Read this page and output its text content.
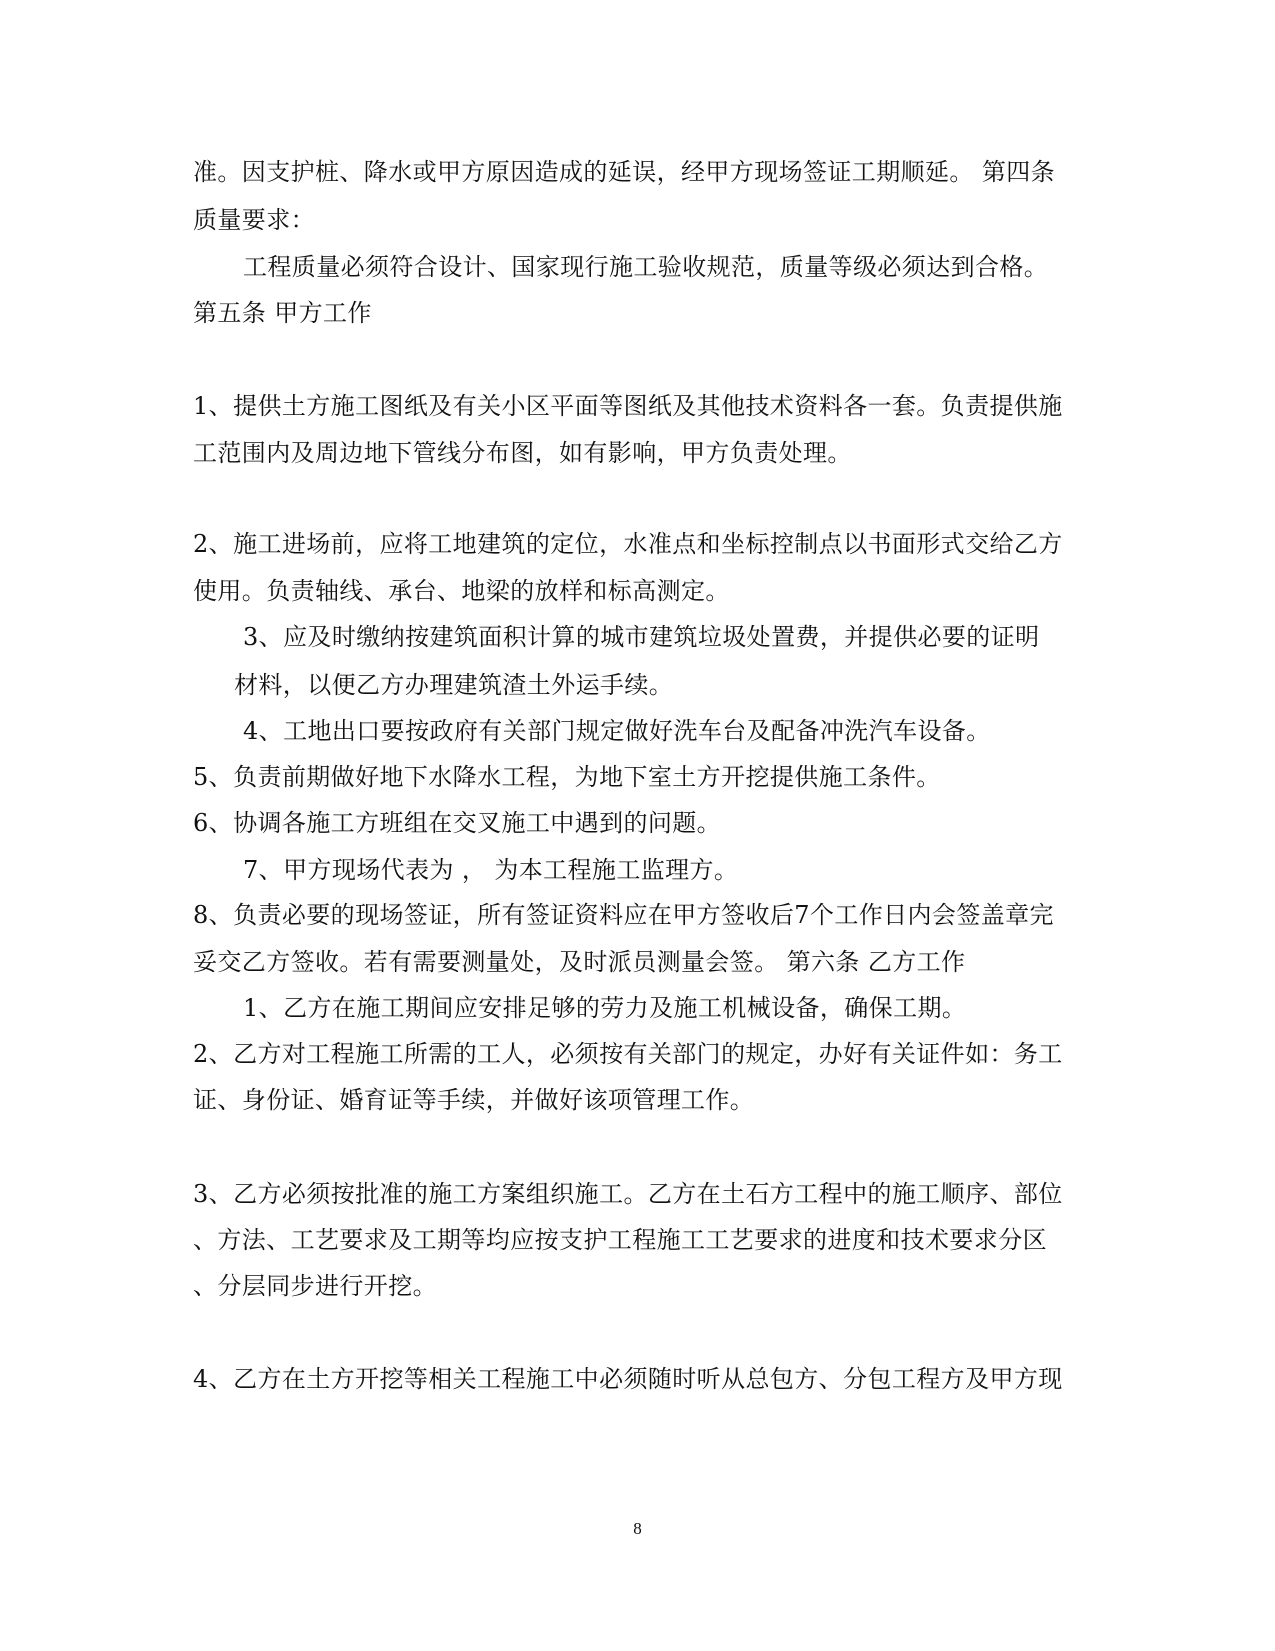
准。因支护桩、降水或甲方原因造成的延误，经甲方现场签证工期顺延。 第四条
质量要求：
工程质量必须符合设计、国家现行施工验收规范，质量等级必须达到合格。
第五条 甲方工作
1、提供土方施工图纸及有关小区平面等图纸及其他技术资料各一套。负责提供施
工范围内及周边地下管线分布图，如有影响，甲方负责处理。
2、施工进场前，应将工地建筑的定位，水准点和坐标控制点以书面形式交给乙方
使用。负责轴线、承台、地梁的放样和标高测定。
3、应及时缴纳按建筑面积计算的城市建筑垃圾处置费，并提供必要的证明
材料，以便乙方办理建筑渣土外运手续。
4、工地出口要按政府有关部门规定做好洗车台及配备冲洗汽车设备。
5、负责前期做好地下水降水工程，为地下室土方开挖提供施工条件。
6、协调各施工方班组在交叉施工中遇到的问题。
7、甲方现场代表为 ， 为本工程施工监理方。
8、负责必要的现场签证，所有签证资料应在甲方签收后7个工作日内会签盖章完
妥交乙方签收。若有需要测量处，及时派员测量会签。 第六条 乙方工作
1、乙方在施工期间应安排足够的劳力及施工机械设备，确保工期。
2、乙方对工程施工所需的工人，必须按有关部门的规定，办好有关证件如：务工
证、身份证、婚育证等手续，并做好该项管理工作。
3、乙方必须按批准的施工方案组织施工。乙方在土石方工程中的施工顺序、部位
、方法、工艺要求及工期等均应按支护工程施工工艺要求的进度和技术要求分区
、分层同步进行开挖。
4、乙方在土方开挖等相关工程施工中必须随时听从总包方、分包工程方及甲方现
8
